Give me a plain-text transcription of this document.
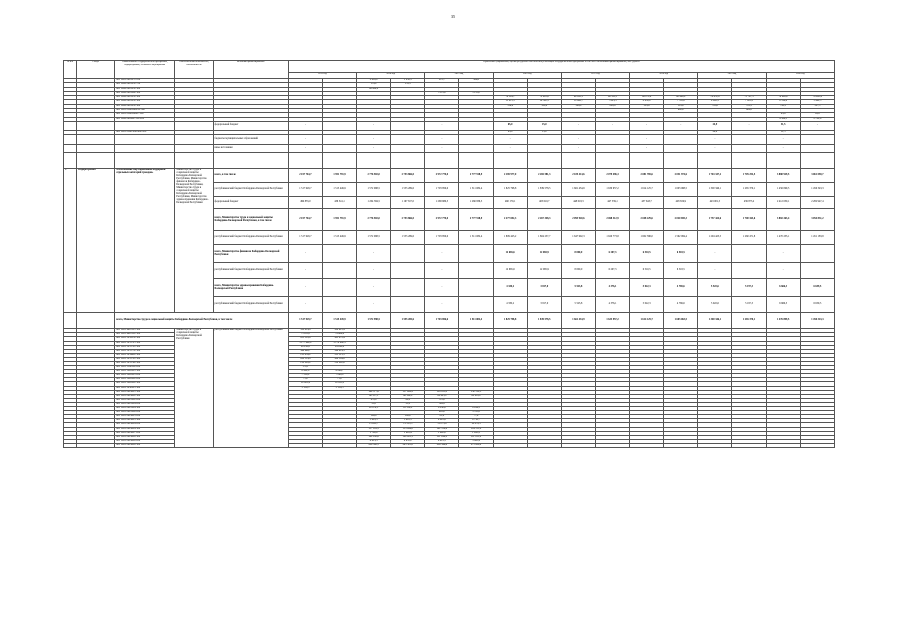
35
№ п/п	Статус	Наименование государственной программы, подпрограммы, основного мероприятия	Ответственный исполнитель, соисполнитель	Источник финансирования	Прогнозная (справочная) оценка ресурсного обеспечения реализации государственной программы за счет всех источников финансирования, тыс. рублей															
					2013 год		2014 год		2015 год		2016 год		2017 год		2018 год		2019 год		2020 год	
		961 1003 0605070 100					2 416,0	1 058,5	215,7	584,6										
		961 1006 0605050 700					133,2	133,5												
		961 1006 0605050 300					49 864,0													
		961 1006 0605060 300							5 115,0	5 115,0										
		961 1006 0605050 300									74 124,7	72 405,8	69 041,1	69 333,5	69 073,4	68 968,0	74 472,4	75 797,5	74 026,0	74 008,4
		961 1006 0605050 300									13 013,5	14 320,5	10 966,7	7 623,3	8 450,0	7 765,8	9 026,3	7 023,2	9 516,4	5 462,5
		961 1006 0605050 300									519,9	520,0	564,8	820,6	505,6	301,0	783,6	703,5	741,5	527,5
		961 1003 01Б0П40210 300														900,0		400,0		
		961 1003 01Б0Н0697 200																	45,6	45,6
		961 1006 0909097500 200																	4 526,3	2 782,6
				федеральный бюджет	-		-		-		65,0	15,0	-	-	-	-	24,9	-	31,5	-
		961 1003 01Б0Э0Р0Р00 200									65,0	15,0					24,9		31,5	
				бюджеты муниципальных образований	-		-		-		-		-		-		-		-	
				иные источники	-		-		-		-		-		-		-		-	

3	Подпрограмма	«Обеспечение мер социальной поддержки отдельных категорий граждан»	Министерство труда и социальной защиты Кабардино-Балкарской Республики, Министерство финансов Кабардино-Балкарской Республики, Министерство труда и социальной защиты Кабардино-Балкарской Республики, Министерство здравоохранения Кабардино-Балкарской Республики	всего, в том числе	2 017 764,7	1 951 791,9	2 776 902,0	2 753 866,0	2 972 770,0	2 777 918,9	2 185 977,0	2 282 581,3	2 109 414,6	2 079 496,3	2 081 769,6	2 031 974,6	1 763 347,2	1 705 252,5	3 880 929,5	3 061 090,7
				республиканский бюджет Кабардино-Балкарской Республики	1 517 929,7	1 515 449,9	1 572 998,5	1 555 269,6	1 703 856,6	1 511 082,4	1 825 798,8	1 839 578,5	1 661 434,9	1 630 957,2	1 614 125,7	1 603 068,5	1 300 346,1	1 265 370,1	1 456 099,5	1 456 343,3
				федеральный бюджет	499 835,0	436 341,1	1 204 384,5	1 197 817,0	1 268 686,3	1 266 836,5	460 179,1	403 610,7	448 018,3	447 539,1	437 643,7	428 819,9	443 001,5	439 873,2	2 412 030,1	2 282 947,4
				всего, Министерство труда и социальной защиты Кабардино-Балкарской Республики, в том числе	2 017 764,7	1 951 791,9	2 776 902,0	2 753 866,0	2 972 770,0	2 777 918,9	2 277 692,3	2 267 348,3	2 095 920,6	2 068 312,9	2 048 229,6	2 020 695,3	1 757 424,6	1 700 163,6	3 882 263,4	3 054 831,2
				республиканский бюджет Кабардино-Балкарской Республики	1 517 929,7	1 515 449,9	1 572 998,5	1 555 269,6	1 703 856,6	1 511 082,4	1 809 423,2	1 804 257,7	1 647 902,3	1 620 773,8	1 602 586,0	1 592 084,4	1 294 423,5	1 260 471,8	1 470 233,1	1 451 183,8
				всего, Министерство финансов Кабардино-Балкарской Республики	-		-		-		12 665,6	12 065,9	8 000,0	6 207,3	6 510,5	6 518,5	-		-	
				республиканский бюджет Кабардино-Балкарской Республики	-		-		-		12 665,6	12 065,9	8 000,0	6 207,3	6 510,5	6 518,5	-		-	
				всего, Министерство здравоохранения Кабардино-Балкарской Республики	-		-		-		4 330,2	3 817,0	5 523,8	4 376,1	5 022,3	4 769,6	5 922,6	5 197,3	6 666,3	6 659,5
				республиканский бюджет Кабардино-Балкарской Республики	-		-		-		4 330,2	3 817,0	5 523,8	4 376,1	5 022,3	4 769,6	5 922,6	5 197,3	6 666,3	6 659,5
		всего, Министерство труда и социальной защиты Кабардино-Балкарской Республики, в том числе			1 517 929,7	1 515 449,9	1 572 998,5	1 555 269,6	1 703 856,6	1 511 082,4	1 825 798,8	1 839 578,5	1 661 434,9	1 633 957,2	1 614 125,7	1 603 063,5	1 300 346,1	1 265 370,1	1 476 899,5	1 450 343,3
		961 1003 4910101 300	Министерство труда и социальной защиты Кабардино-Балкарской Республики	республиканский бюджет Кабардино-Балкарской Республики	330 414,8	328 925,4														
		961 1003 4610102 300			75 103,0	74 666,6														
		961 1003 5059150 300			161 383,6	161 472,4														
		961 1003 5055721 300			3 177 642,2	3 174 642,3														
		961 1003 5055722 300			24 256,8	24 242,4														
		961 1003 5055732 300			344 946,7	344 914,3														
		961 1003 5054602 300			133 659,2	133 513,5														
		961 1003 5055722 300			168 514,8	168 504,8														
		961 1003 5055740 300			112 265,2	112 220,6														
		961 1003 5140100 200			170,1															
		961 1003 5220001 300			6 922,8	6 864,7														
		961 1003 5220001 200			7 518,0	7 090,0														
		961 1003 5220002 200			71,0	71,0														
		961 1003 5220002 300			10 003,4	10 935,0														
		961 1003 5030205 300			5 156,5	5 156,5														
		961 1003 0614001 300					140 377,8	157 992,2	165 915,0	150 762,5										
		961 1003 0614002 300					66 557,5	66 384,0	69 425,0	68 918,0										
		961 1003 0612202 200					970,0	20,0	370,0											
		961 1003 0612204 200					13,0	35,0	326,2											
		961 1003 0612204 300					22 670,5	22 554,2	8 050,0	8 034,3										
		961 1003 0612206 200							410,0	3 785,0										
		961 1003 0614003 200					106,0	106,0	85,0	77,4										
		961 1003 0614003 300					5 405,5	5 405,5	4 925,8	4 756,7										
		961 1003 0614004 200					11 263,7	11 133,5	11 075,4	10 878,3										
		961 1003 0614004 300					137 102,5	133 994,0	141 760,4	104 115,8										
		961 1003 0614007 200					1 700,0	1 695,4	1 420,0	1 208,2										
		961 1003 0614008 300					190 830,6	180 981,1	167 240,2	167 031,0										
		961 1003 0614008 200					4 413,5	4 931,2	4 413,5	3 895,4										
		961 1003 0614008 300					206 390,5	293 525,0	209 544,6	271 269,0										
